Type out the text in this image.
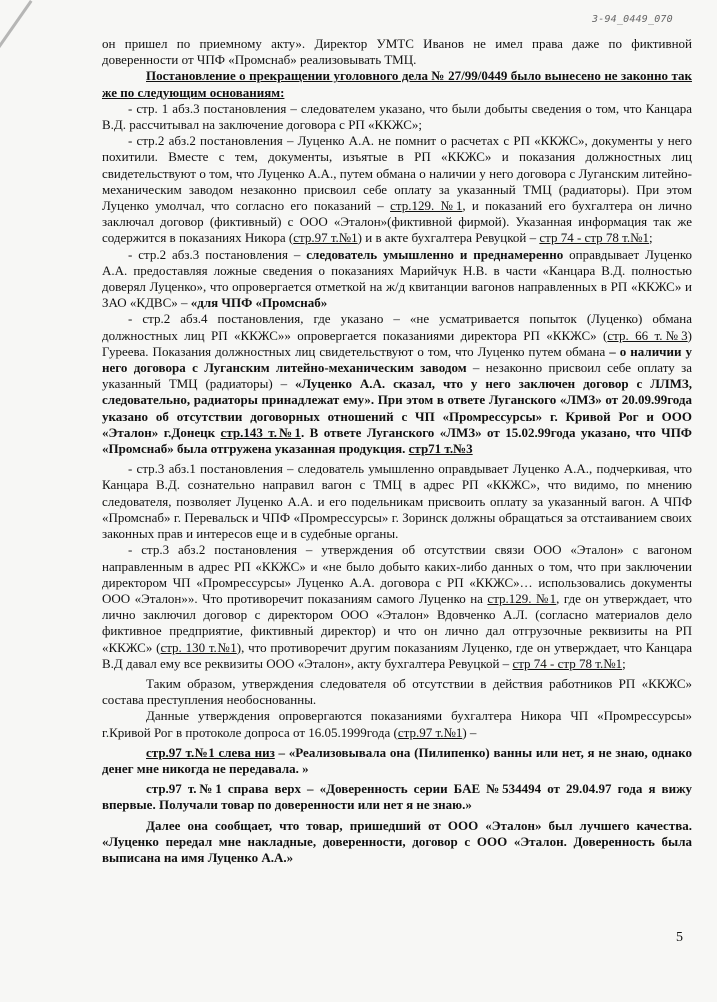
3-94_0449_070

он пришел по приемному акту». Директор УМТС Иванов не имел права даже по фиктивной доверенности от ЧПФ «Промснаб» реализовывать ТМЦ.

Постановление о прекращении уголовного дела № 27/99/0449 было вынесено не законно так же по следующим основаниям:

- стр. 1 абз.3 постановления – следователем указано, что были добыты сведения о том, что Канцара В.Д. рассчитывал на заключение договора с РП «ККЖС»;

- стр.2 абз.2 постановления – Луценко А.А. не помнит о расчетах с РП «ККЖС», документы у него похитили. Вместе с тем, документы, изъятые в РП «ККЖС» и показания должностных лиц свидетельствуют о том, что Луценко А.А., путем обмана о наличии у него договора с Луганским литейно-механическим заводом незаконно присвоил себе оплату за указанный ТМЦ (радиаторы). При этом Луценко умолчал, что согласно его показаний – стр.129. №1, и показаний его бухгалтера он лично заключал договор (фиктивный) с ООО «Эталон»(фиктивной фирмой). Указанная информация так же содержится в показаниях Никора (стр.97 т.№1) и в акте бухгалтера Ревуцкой – стр 74 - стр 78 т.№1;

- стр.2 абз.3 постановления – следователь умышленно и преднамеренно оправдывает Луценко А.А. предоставляя ложные сведения о показаниях Марийчук Н.В. в части «Канцара В.Д. полностью доверял Луценко», что опровергается отметкой на ж/д квитанции вагонов направленных в РП «ККЖС» и ЗАО «КДВС» – «для ЧПФ «Промснаб»

- стр.2 абз.4 постановления, где указано – «не усматривается попыток (Луценко) обмана должностных лиц РП «ККЖС»» опровергается показаниями директора РП «ККЖС» (стр. 66 т.№3) Гуреева. Показания должностных лиц свидетельствуют о том, что Луценко путем обмана – о наличии у него договора с Луганским литейно-механическим заводом – незаконно присвоил себе оплату за указанный ТМЦ (радиаторы) – «Луценко А.А. сказал, что у него заключен договор с ЛЛМЗ, следовательно, радиаторы принадлежат ему». При этом в ответе Луганского «ЛМЗ» от 20.09.99года указано об отсутствии договорных отношений с ЧП «Промрессурсы» г. Кривой Рог и ООО «Эталон» г.Донецк стр.143 т.№1. В ответе Луганского «ЛМЗ» от 15.02.99года указано, что ЧПФ «Промснаб» была отгружена указанная продукция. стр71 т.№3

- стр.3 абз.1 постановления – следователь умышленно оправдывает Луценко А.А., подчеркивая, что Канцара В.Д. сознательно направил вагон с ТМЦ в адрес РП «ККЖС», что видимо, по мнению следователя, позволяет Луценко А.А. и его подельникам присвоить оплату за указанный вагон. А ЧПФ «Промснаб» г. Перевальск и ЧПФ «Промрессурсы» г. Зоринск должны обращаться за отстаиванием своих законных прав и интересов еще и в судебные органы.

- стр.3 абз.2 постановления – утверждения об отсутствии связи ООО «Эталон» с вагоном направленным в адрес РП «ККЖС» и «не было добыто каких-либо данных о том, что при заключении директором ЧП «Промрессурсы» Луценко А.А. договора с РП «ККЖС»… использовались документы ООО «Эталон»». Что противоречит показаниям самого Луценко на стр.129. №1, где он утверждает, что лично заключил договор с директором ООО «Эталон» Вдовченко А.Л. (согласно материалов дело фиктивное предприятие, фиктивный директор) и что он лично дал отгрузочные реквизиты на РП «ККЖС» (стр. 130 т.№1), что противоречит другим показаниям Луценко, где он утверждает, что Канцара В.Д давал ему все реквизиты ООО «Эталон», акту бухгалтера Ревуцкой – стр 74 - стр 78 т.№1;

Таким образом, утверждения следователя об отсутствии в действия работников РП «ККЖС» состава преступления необоснованны.

Данные утверждения опровергаются показаниями бухгалтера Никора ЧП «Промрессурсы» г.Кривой Рог в протоколе допроса от 16.05.1999года (стр.97 т.№1) –

стр.97 т.№1 слева низ – «Реализовывала она (Пилипенко) ванны или нет, я не знаю, однако денег мне никогда не передавала. »

стр.97 т.№1 справа верх – «Доверенность серии БАЕ №534494 от 29.04.97 года я вижу впервые. Получали товар по доверенности или нет я не знаю.»

Далее она сообщает, что товар, пришедший от ООО «Эталон» был лучшего качества. «Луценко передал мне накладные, доверенности, договор с ООО «Эталон. Доверенность была выписана на имя Луценко А.А.»

5
